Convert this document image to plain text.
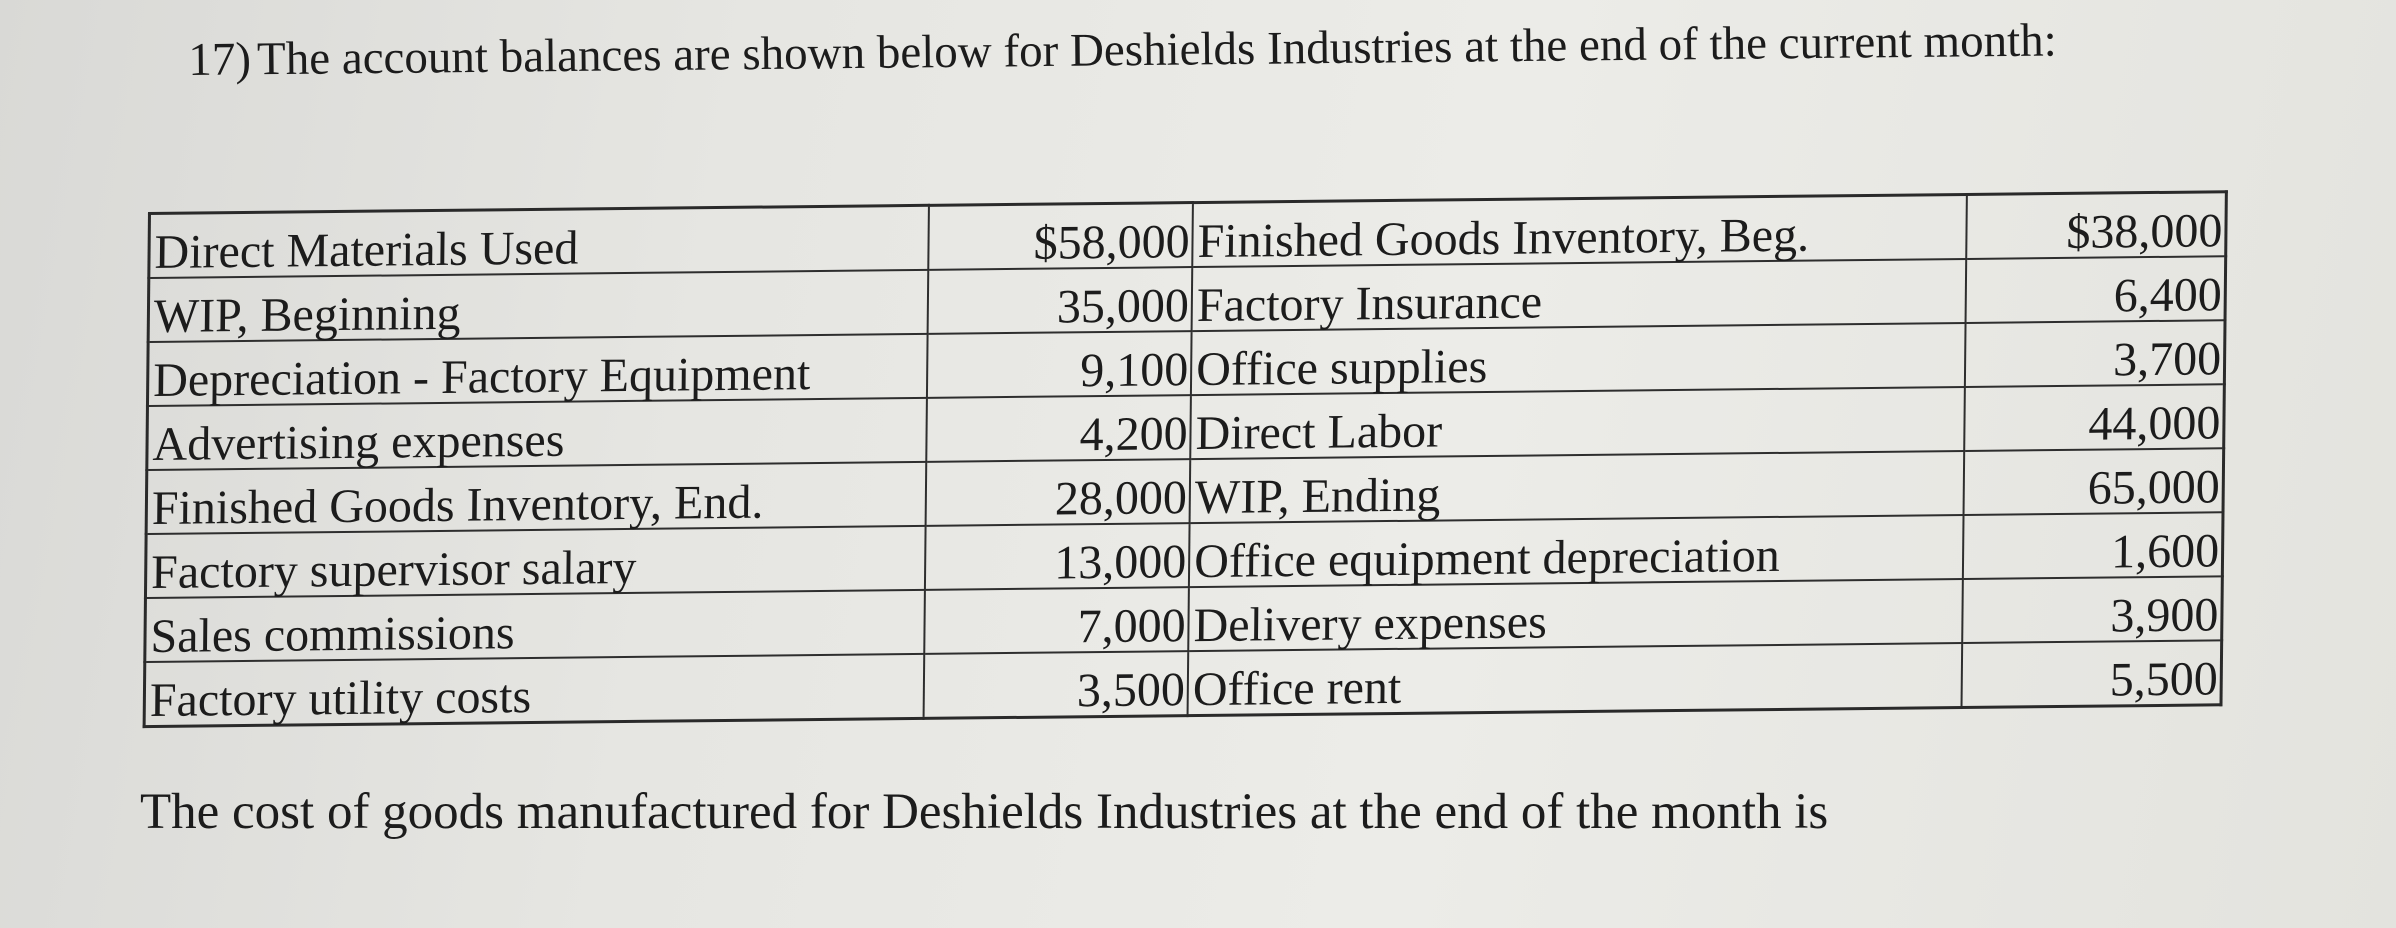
17) The account balances are shown below for Deshields Industries at the end of the current month:
Direct Materials Used	$58,000	Finished Goods Inventory, Beg.	$38,000
WIP, Beginning	35,000	Factory Insurance	6,400
Depreciation - Factory Equipment	9,100	Office supplies	3,700
Advertising expenses	4,200	Direct Labor	44,000
Finished Goods Inventory, End.	28,000	WIP, Ending	65,000
Factory supervisor salary	13,000	Office equipment depreciation	1,600
Sales commissions	7,000	Delivery expenses	3,900
Factory utility costs	3,500	Office rent	5,500
The cost of goods manufactured for Deshields Industries at the end of the month is
